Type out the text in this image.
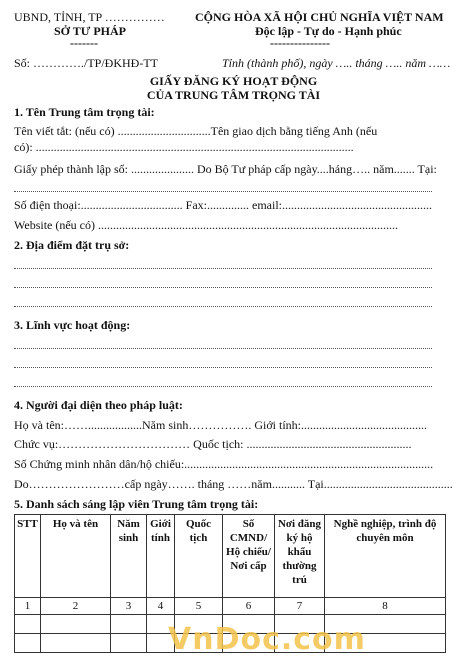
UBND, TỈNH, TP ……………
SỞ TƯ PHÁP
-------
CỘNG HÒA XÃ HỘI CHỦ NGHĨA VIỆT NAM
Độc lập - Tự do - Hạnh phúc
---------------
Số: …………./TP/ĐKHĐ-TT	Tỉnh (thành phố), ngày ….. tháng ….. năm ……
GIẤY ĐĂNG KÝ HOẠT ĐỘNG
CỦA TRUNG TÂM TRỌNG TÀI
1. Tên Trung tâm trọng tài:
Tên viết tắt: (nếu có) ...............................Tên giao dịch bằng tiếng Anh (nếu
có): ..........................................................................................................
Giấy phép thành lập số: ..................... Do Bộ Tư pháp cấp ngày....háng….. năm....... Tại:
Số điện thoại:.................................. Fax:.............. email:..................................................
Website (nếu có) ....................................................................................................
2. Địa điểm đặt trụ sở:
3. Lĩnh vực hoạt động:
4. Người đại diện theo pháp luật:
Họ và tên:……..................Năm sinh……………. Giới tính:..........................................
Chức vụ:…………………………… Quốc tịch: .......................................................
Số Chứng minh nhân dân/hộ chiếu:...................................................................................
Do……………………cấp ngày……. tháng ……năm........... Tại...........................................
5. Danh sách sáng lập viên Trung tâm trọng tài:
STT	Họ và tên	Năm sinh	Giới tính	Quốc tịch	Số CMND/ Hộ chiếu/ Nơi cấp	Nơi đăng ký hộ khẩu thường trú	Nghề nghiệp, trình độ chuyên môn
1	2	3	4	5	6	7	8

VnDoc.com
